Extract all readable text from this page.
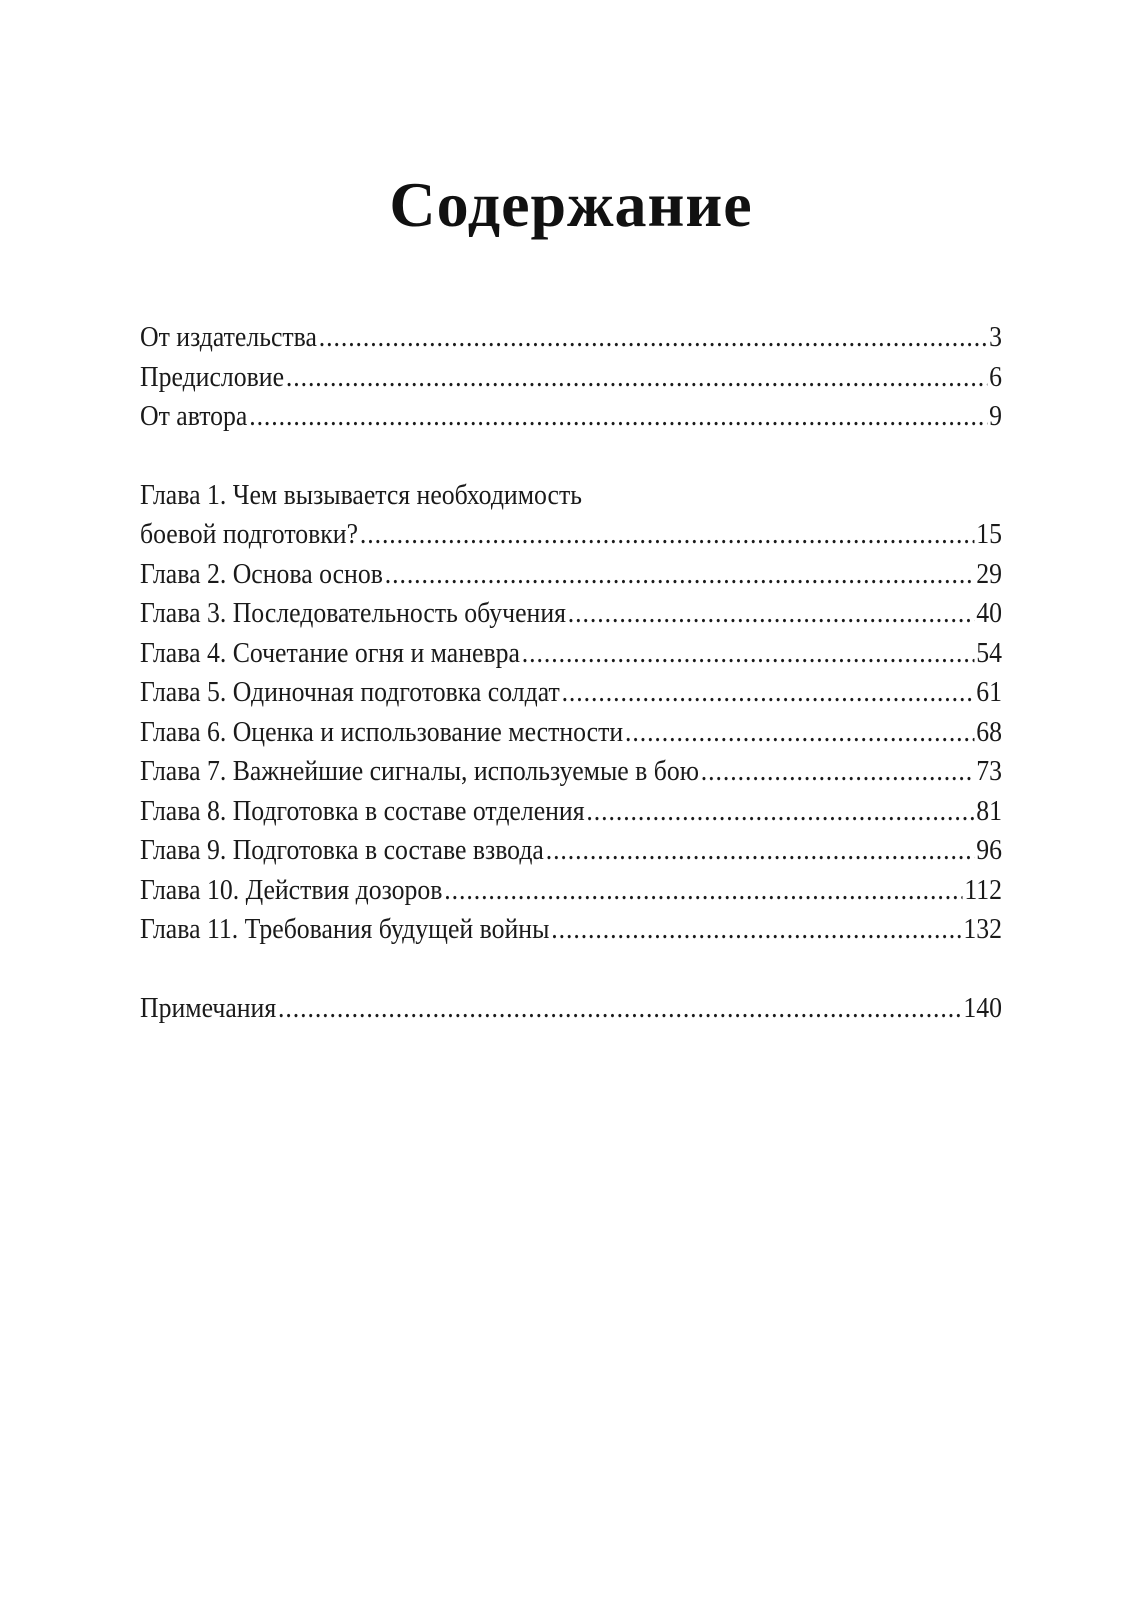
Содержание
От издательства .....	3
Предисловие .....	6
От автора .....	9
Глава 1. Чем вызывается необходимость
боевой подготовки? .....	15
Глава 2. Основа основ .....	29
Глава 3. Последовательность обучения .....	40
Глава 4. Сочетание огня и маневра .....	54
Глава 5. Одиночная подготовка солдат .....	61
Глава 6. Оценка и использование местности .....	68
Глава 7. Важнейшие сигналы, используемые в бою .....	73
Глава 8. Подготовка в составе отделения .....	81
Глава 9. Подготовка в составе взвода .....	96
Глава 10. Действия дозоров .....	112
Глава 11. Требования будущей войны .....	132
Примечания .....	140
